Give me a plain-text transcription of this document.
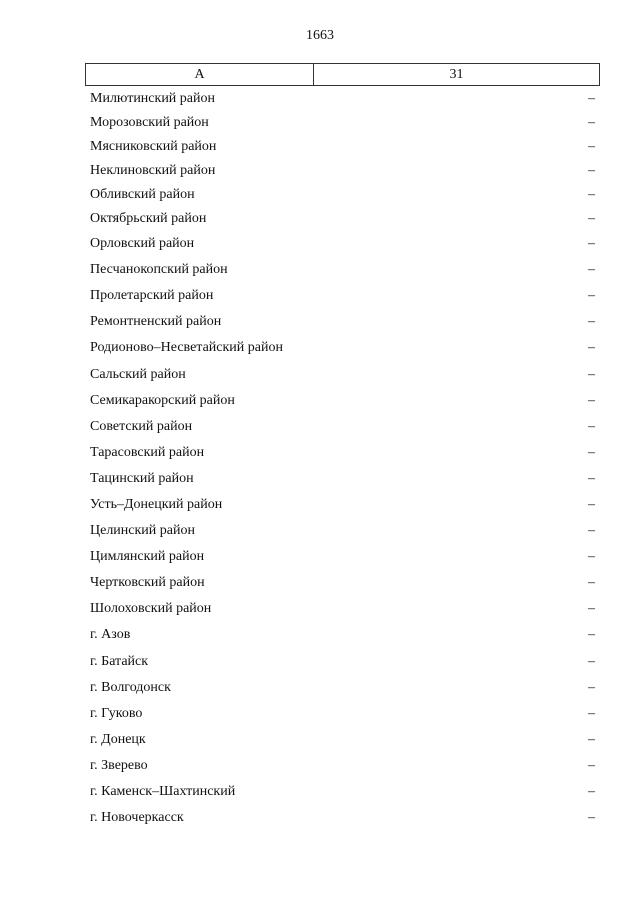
1663
А	31
Милютинский район	–
Морозовский район	–
Мясниковский район	–
Неклиновский район	–
Обливский район	–
Октябрьский район	–
Орловский район	–
Песчанокопский район	–
Пролетарский район	–
Ремонтненский район	–
Родионово–Несветайский район	–
Сальский район	–
Семикаракорский район	–
Советский район	–
Тарасовский район	–
Тацинский район	–
Усть–Донецкий район	–
Целинский район	–
Цимлянский район	–
Чертковский район	–
Шолоховский район	–
г. Азов	–
г. Батайск	–
г. Волгодонск	–
г. Гуково	–
г. Донецк	–
г. Зверево	–
г. Каменск–Шахтинский	–
г. Новочеркасск	–
